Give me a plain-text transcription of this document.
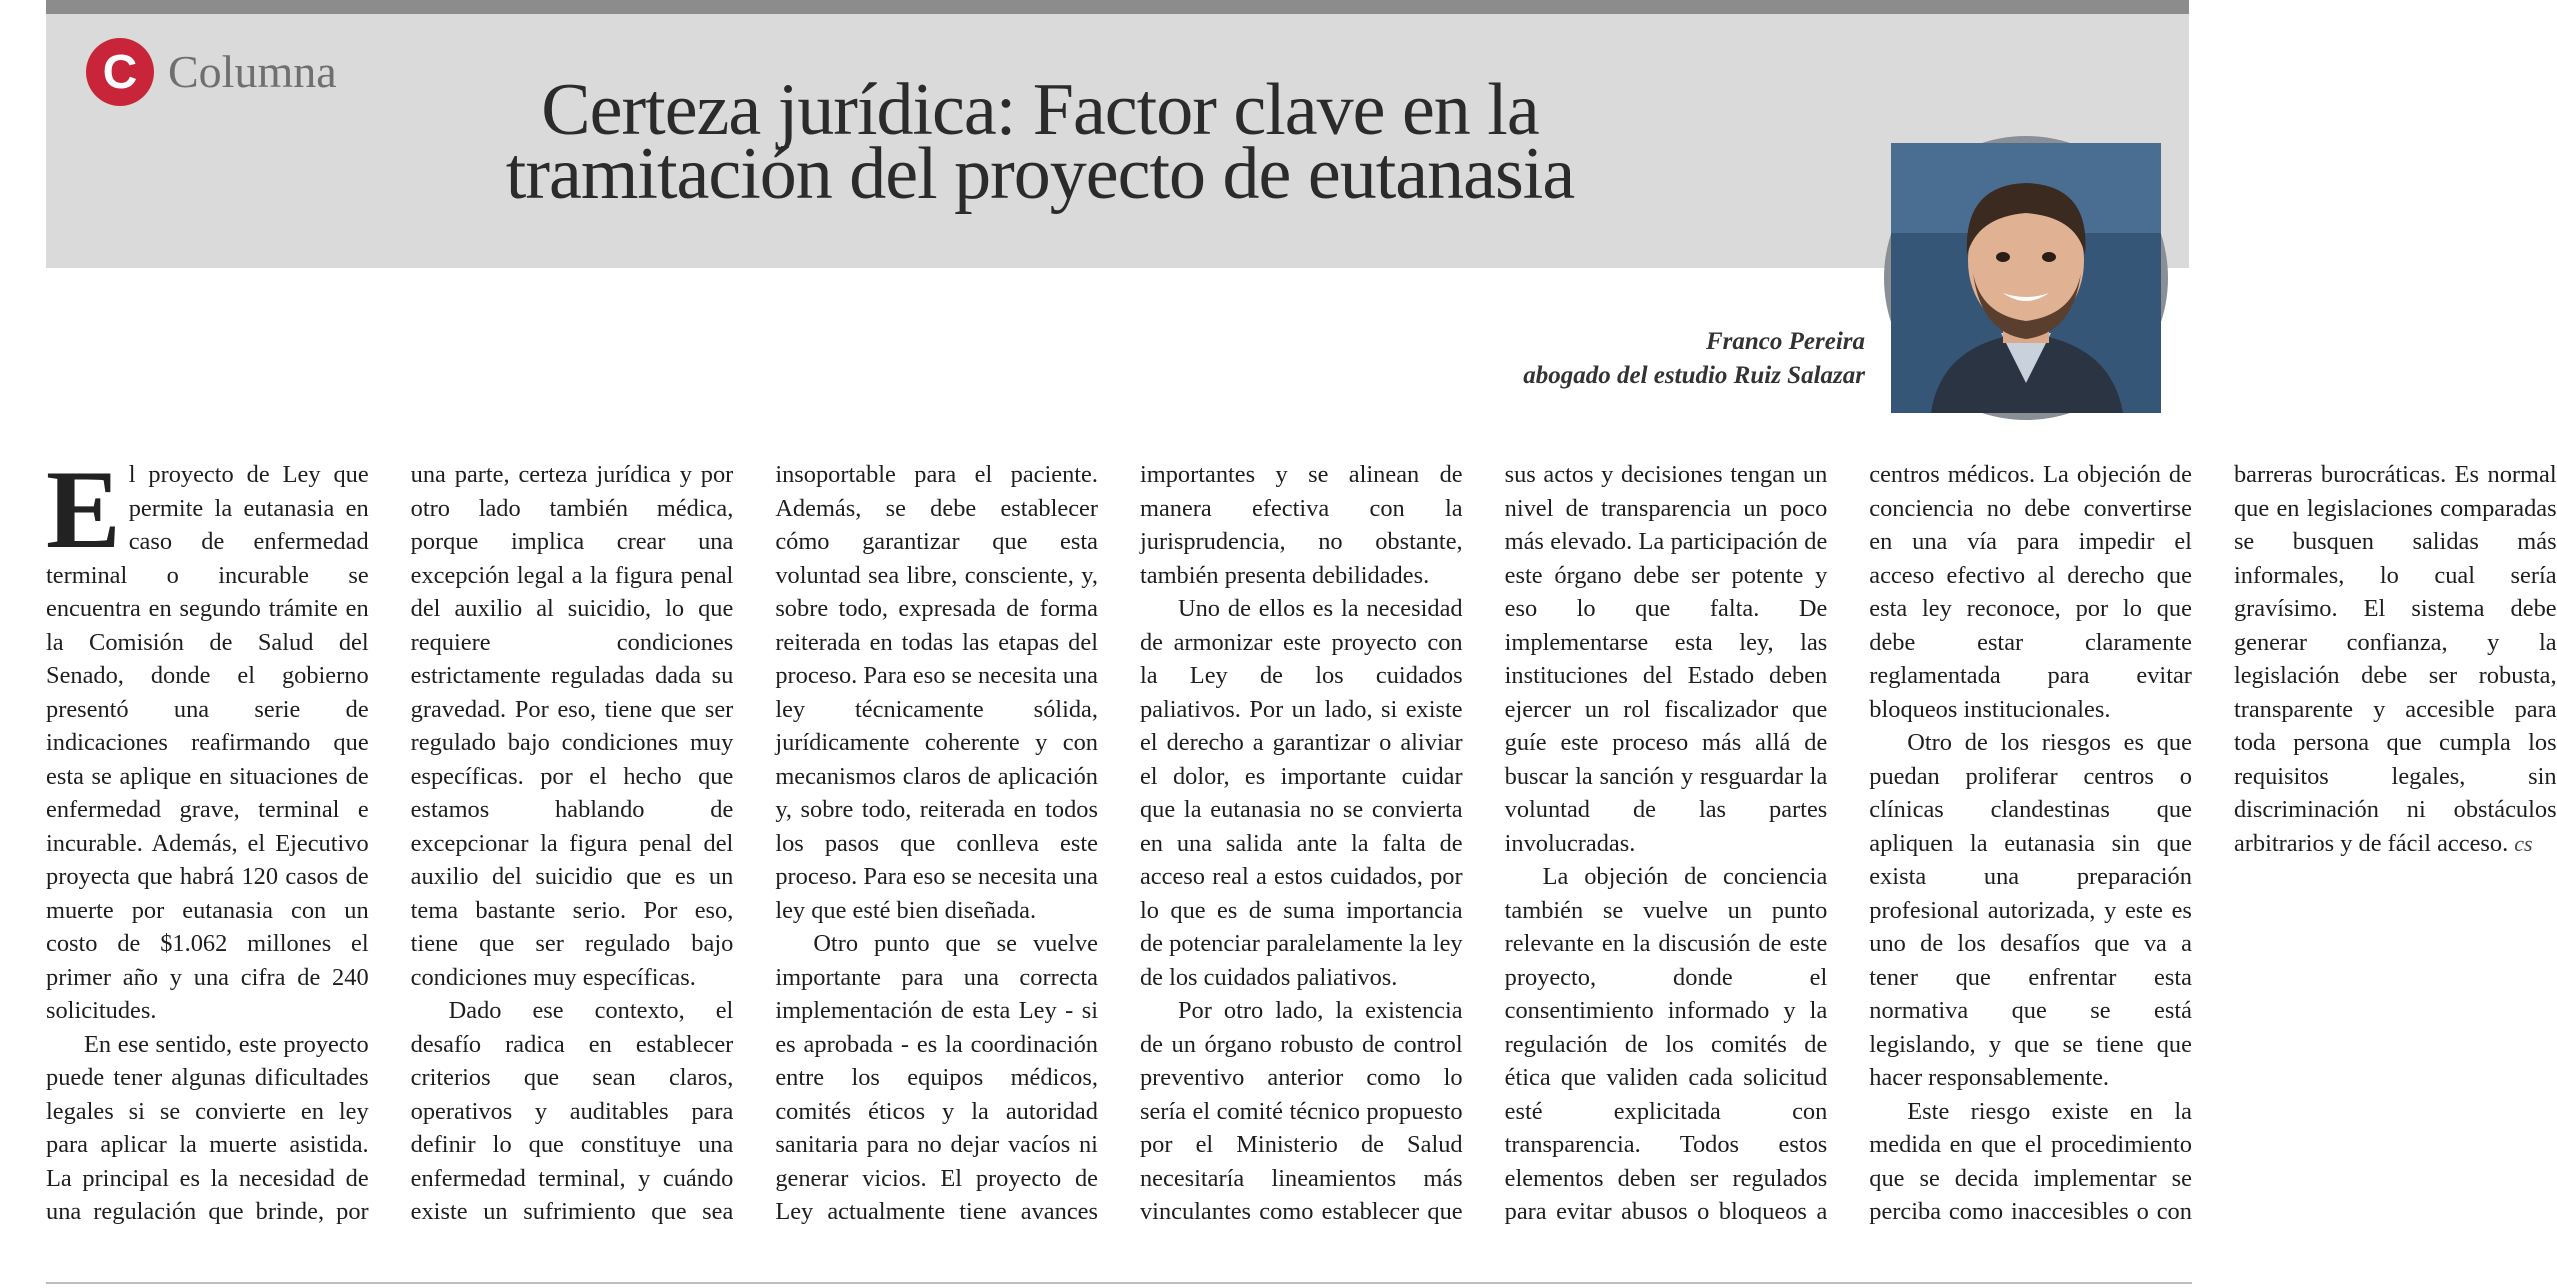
C Columna	Certeza jurídica: Factor clave en la
tramitación del proyecto de eutanasia
Franco Pereira
abogado del estudio Ruiz Salazar

El proyecto de Ley que permite la eutanasia en caso de enfermedad terminal o incurable se encuentra en segundo trámite en la Comisión de Salud del Senado, donde el gobierno presentó una serie de indicaciones reafirmando que esta se aplique en situaciones de enfermedad grave, terminal e incurable. Además, el Ejecutivo proyecta que habrá 120 casos de muerte por eutanasia con un costo de $1.062 millones el primer año y una cifra de 240 solicitudes.

En ese sentido, este proyecto puede tener algunas dificultades legales si se convierte en ley para aplicar la muerte asistida. La principal es la necesidad de una regulación que brinde, por una parte, certeza jurídica y por otro lado también médica, porque implica crear una excepción legal a la figura penal del auxilio al suicidio, lo que requiere condiciones estrictamente reguladas dada su gravedad. Por eso, tiene que ser regulado bajo condiciones muy específicas. por el hecho que estamos hablando de excepcionar la figura penal del auxilio del suicidio que es un tema bastante serio. Por eso, tiene que ser regulado bajo condiciones muy específicas.

Dado ese contexto, el desafío radica en establecer criterios que sean claros, operativos y auditables para definir lo que constituye una enfermedad terminal, y cuándo existe un sufrimiento que sea insoportable para el paciente. Además, se debe establecer cómo garantizar que esta voluntad sea libre, consciente, y, sobre todo, expresada de forma reiterada en todas las etapas del proceso. Para eso se necesita una ley técnicamente sólida, jurídicamente coherente y con mecanismos claros de aplicación y, sobre todo, reiterada en todos los pasos que conlleva este proceso. Para eso se necesita una ley que esté bien diseñada.

Otro punto que se vuelve importante para una correcta implementación de esta Ley - si es aprobada - es la coordinación entre los equipos médicos, comités éticos y la autoridad sanitaria para no dejar vacíos ni generar vicios. El proyecto de Ley actualmente tiene avances importantes y se alinean de manera efectiva con la jurisprudencia, no obstante, también presenta debilidades.

Uno de ellos es la necesidad de armonizar este proyecto con la Ley de los cuidados paliativos. Por un lado, si existe el derecho a garantizar o aliviar el dolor, es importante cuidar que la eutanasia no se convierta en una salida ante la falta de acceso real a estos cuidados, por lo que es de suma importancia de potenciar paralelamente la ley de los cuidados paliativos.

Por otro lado, la existencia de un órgano robusto de control preventivo anterior como lo sería el comité técnico propuesto por el Ministerio de Salud necesitaría lineamientos más vinculantes como establecer que sus actos y decisiones tengan un nivel de transparencia un poco más elevado. La participación de este órgano debe ser potente y eso lo que falta. De implementarse esta ley, las instituciones del Estado deben ejercer un rol fiscalizador que guíe este proceso más allá de buscar la sanción y resguardar la voluntad de las partes involucradas.

La objeción de conciencia también se vuelve un punto relevante en la discusión de este proyecto, donde el consentimiento informado y la regulación de los comités de ética que validen cada solicitud esté explicitada con transparencia. Todos estos elementos deben ser regulados para evitar abusos o bloqueos a centros médicos. La objeción de conciencia no debe convertirse en una vía para impedir el acceso efectivo al derecho que esta ley reconoce, por lo que debe estar claramente reglamentada para evitar bloqueos institucionales.

Otro de los riesgos es que puedan proliferar centros o clínicas clandestinas que apliquen la eutanasia sin que exista una preparación profesional autorizada, y este es uno de los desafíos que va a tener que enfrentar esta normativa que se está legislando, y que se tiene que hacer responsablemente.

Este riesgo existe en la medida en que el procedimiento que se decida implementar se perciba como inaccesibles o con barreras burocráticas. Es normal que en legislaciones comparadas se busquen salidas más informales, lo cual sería gravísimo. El sistema debe generar confianza, y la legislación debe ser robusta, transparente y accesible para toda persona que cumpla los requisitos legales, sin discriminación ni obstáculos arbitrarios y de fácil acceso. cs
